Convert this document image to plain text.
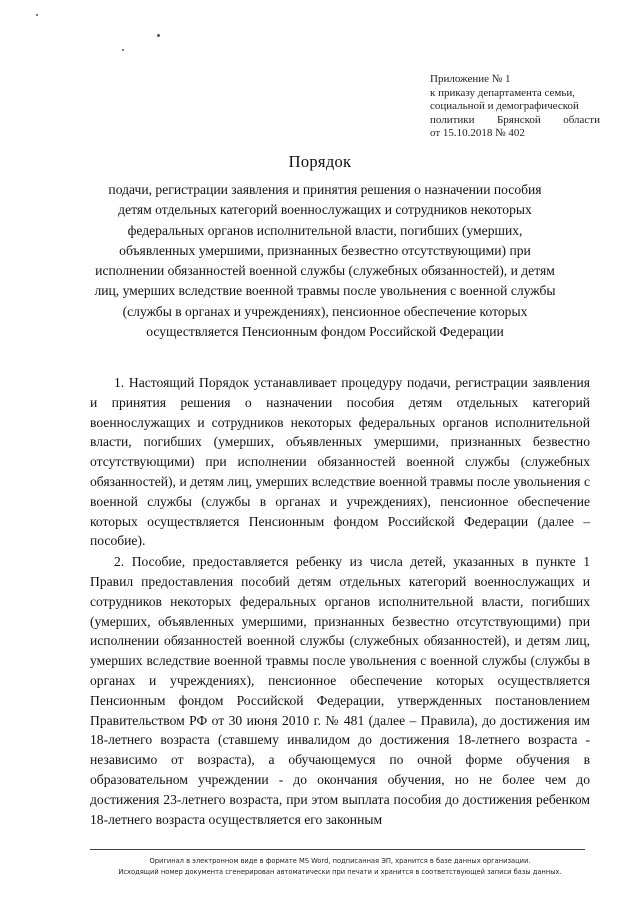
Приложение № 1
к приказу департамента семьи,
социальной и демографической
политики Брянской области
от 15.10.2018 № 402
Порядок
подачи, регистрации заявления и принятия решения о назначении пособия детям отдельных категорий военнослужащих и сотрудников некоторых федеральных органов исполнительной власти, погибших (умерших, объявленных умершими, признанных безвестно отсутствующими) при исполнении обязанностей военной службы (служебных обязанностей), и детям лиц, умерших вследствие военной травмы после увольнения с военной службы (службы в органах и учреждениях), пенсионное обеспечение которых осуществляется Пенсионным фондом Российской Федерации

1. Настоящий Порядок устанавливает процедуру подачи, регистрации заявления и принятия решения о назначении пособия детям отдельных категорий военнослужащих и сотрудников некоторых федеральных органов исполнительной власти, погибших (умерших, объявленных умершими, признанных безвестно отсутствующими) при исполнении обязанностей военной службы (служебных обязанностей), и детям лиц, умерших вследствие военной травмы после увольнения с военной службы (службы в органах и учреждениях), пенсионное обеспечение которых осуществляется Пенсионным фондом Российской Федерации (далее – пособие).

2. Пособие, предоставляется ребенку из числа детей, указанных в пункте 1 Правил предоставления пособий детям отдельных категорий военнослужащих и сотрудников некоторых федеральных органов исполнительной власти, погибших (умерших, объявленных умершими, признанных безвестно отсутствующими) при исполнении обязанностей военной службы (служебных обязанностей), и детям лиц, умерших вследствие военной травмы после увольнения с военной службы (службы в органах и учреждениях), пенсионное обеспечение которых осуществляется Пенсионным фондом Российской Федерации, утвержденных постановлением Правительством РФ от 30 июня 2010 г. № 481 (далее – Правила), до достижения им 18-летнего возраста (ставшему инвалидом до достижения 18-летнего возраста - независимо от возраста), а обучающемуся по очной форме обучения в образовательном учреждении - до окончания обучения, но не более чем до достижения 23-летнего возраста, при этом выплата пособия до достижения ребенком 18-летнего возраста осуществляется его законным

Оригинал в электронном виде в формате MS Word, подписанная ЭП, хранится в базе данных организации.
Исходящий номер документа сгенерирован автоматически при печати и хранится в соответствующей записи базы данных.
